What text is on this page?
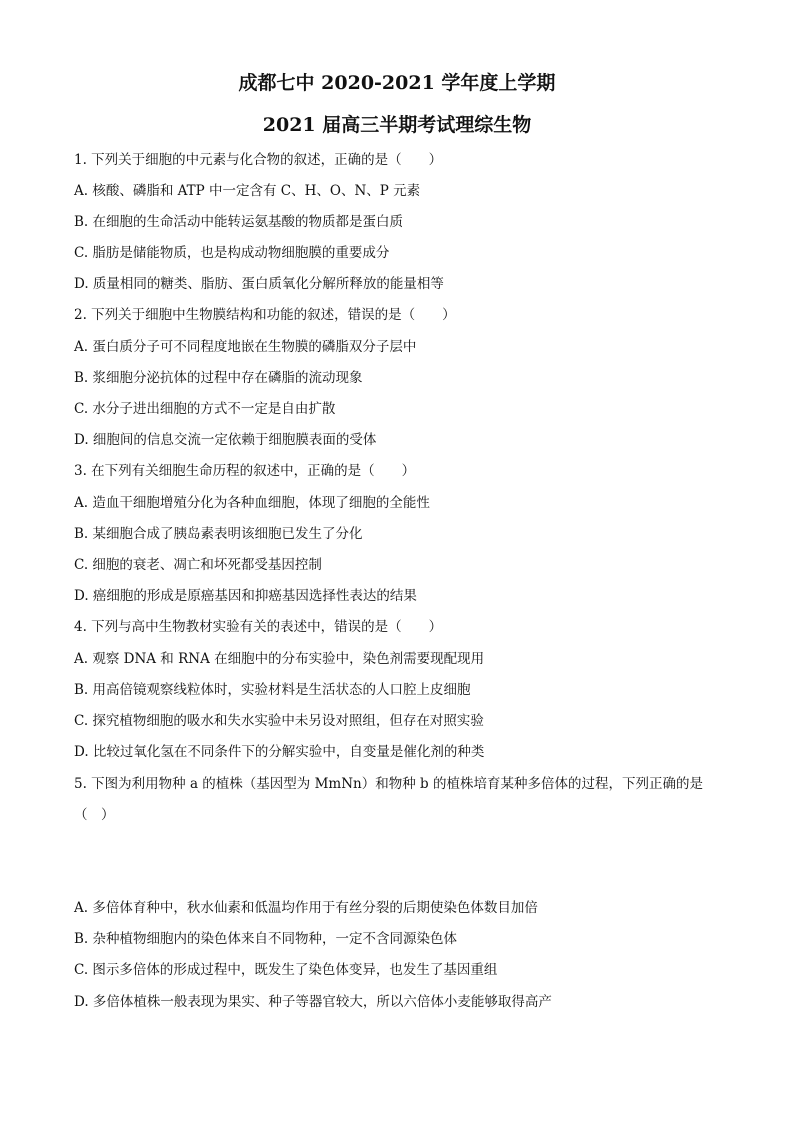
成都七中 2020-2021 学年度上学期
2021 届高三半期考试理综生物
1. 下列关于细胞的中元素与化合物的叙述，正确的是（　　）
A. 核酸、磷脂和 ATP 中一定含有 C、H、O、N、P 元素
B. 在细胞的生命活动中能转运氨基酸的物质都是蛋白质
C. 脂肪是储能物质，也是构成动物细胞膜的重要成分
D. 质量相同的糖类、脂肪、蛋白质氧化分解所释放的能量相等
2. 下列关于细胞中生物膜结构和功能的叙述，错误的是（　　）
A. 蛋白质分子可不同程度地嵌在生物膜的磷脂双分子层中
B. 浆细胞分泌抗体的过程中存在磷脂的流动现象
C. 水分子进出细胞的方式不一定是自由扩散
D. 细胞间的信息交流一定依赖于细胞膜表面的受体
3. 在下列有关细胞生命历程的叙述中，正确的是（　　）
A. 造血干细胞增殖分化为各种血细胞，体现了细胞的全能性
B. 某细胞合成了胰岛素表明该细胞已发生了分化
C. 细胞的衰老、凋亡和坏死都受基因控制
D. 癌细胞的形成是原癌基因和抑癌基因选择性表达的结果
4. 下列与高中生物教材实验有关的表述中，错误的是（　　）
A. 观察 DNA 和 RNA 在细胞中的分布实验中，染色剂需要现配现用
B. 用高倍镜观察线粒体时，实验材料是生活状态的人口腔上皮细胞
C. 探究植物细胞的吸水和失水实验中未另设对照组，但存在对照实验
D. 比较过氧化氢在不同条件下的分解实验中，自变量是催化剂的种类
5. 下图为利用物种 a 的植株（基因型为 MmNn）和物种 b 的植株培育某种多倍体的过程，下列正确的是
（　）
A. 多倍体育种中，秋水仙素和低温均作用于有丝分裂的后期使染色体数目加倍
B. 杂种植物细胞内的染色体来自不同物种，一定不含同源染色体
C. 图示多倍体的形成过程中，既发生了染色体变异，也发生了基因重组
D. 多倍体植株一般表现为果实、种子等器官较大，所以六倍体小麦能够取得高产
